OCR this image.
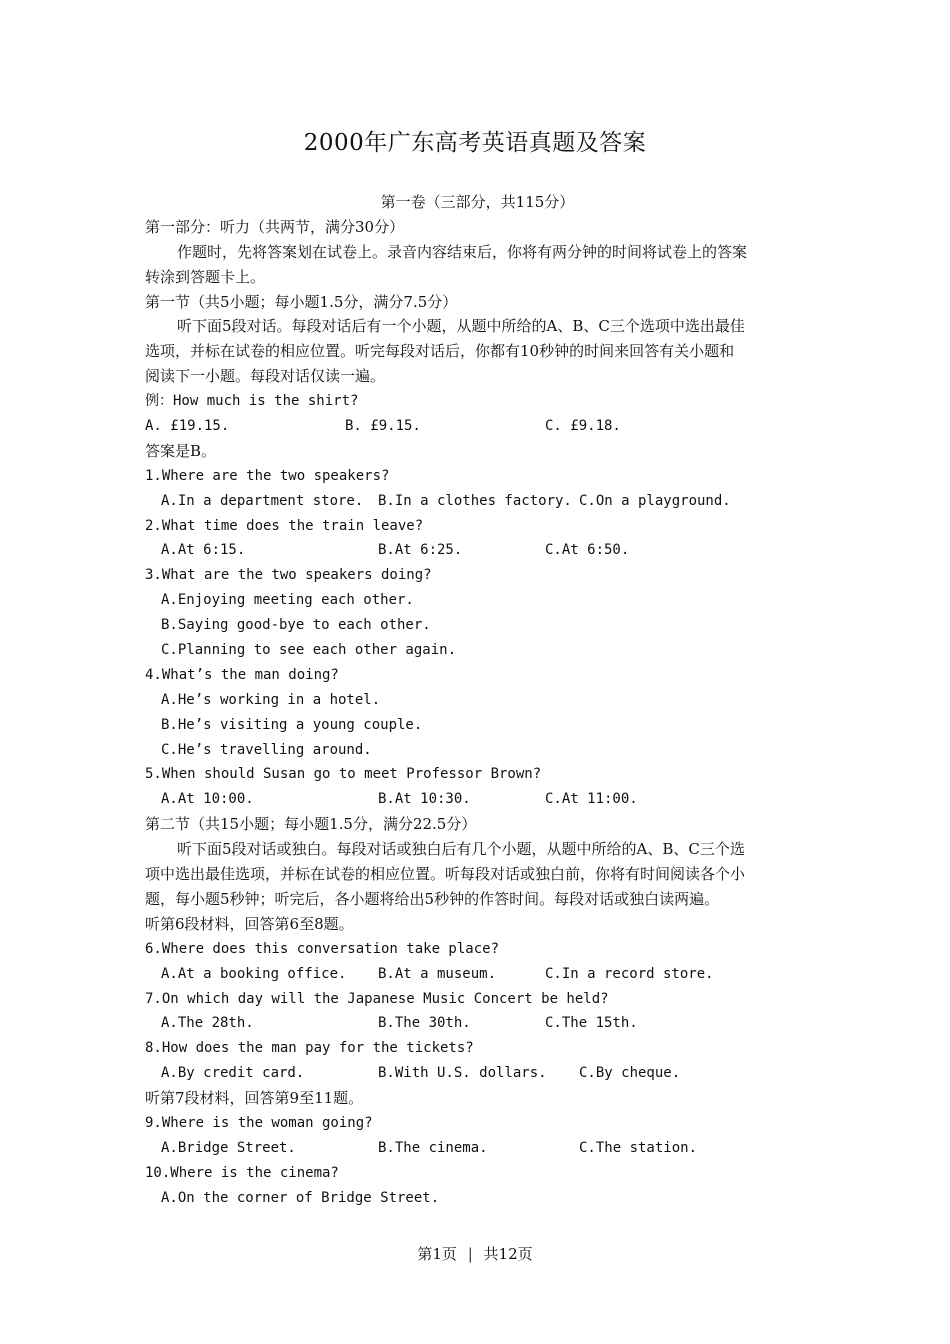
2000年广东高考英语真题及答案
第一卷（三部分，共115分）
第一部分：听力（共两节，满分30分）
作题时，先将答案划在试卷上。录音内容结束后，你将有两分钟的时间将试卷上的答案
转涂到答题卡上。
第一节（共5小题；每小题1.5分，满分7.5分）
听下面5段对话。每段对话后有一个小题，从题中所给的A、B、C三个选项中选出最佳
选项，并标在试卷的相应位置。听完每段对话后，你都有10秒钟的时间来回答有关小题和
阅读下一小题。每段对话仅读一遍。
例：How much is the shirt?
A. £19.15.	B. £9.15.	C. £9.18.
答案是B。
1.Where are the two speakers?
A.In a department store. B.In a clothes factory. C.On a playground.
2.What time does the train leave?
A.At 6:15.	B.At 6:25.	C.At 6:50.
3.What are the two speakers doing?
A.Enjoying meeting each other.
B.Saying good-bye to each other.
C.Planning to see each other again.
4.What’s the man doing?
A.He’s working in a hotel.
B.He’s visiting a young couple.
C.He’s travelling around.
5.When should Susan go to meet Professor Brown?
A.At 10:00.	B.At 10:30.	C.At 11:00.
第二节（共15小题；每小题1.5分，满分22.5分）
听下面5段对话或独白。每段对话或独白后有几个小题，从题中所给的A、B、C三个选
项中选出最佳选项，并标在试卷的相应位置。听每段对话或独白前，你将有时间阅读各个小
题，每小题5秒钟；听完后，各小题将给出5秒钟的作答时间。每段对话或独白读两遍。
听第6段材料，回答第6至8题。
6.Where does this conversation take place?
A.At a booking office. B.At a museum.	C.In a record store.
7.On which day will the Japanese Music Concert be held?
A.The 28th.	B.The 30th.	C.The 15th.
8.How does the man pay for the tickets?
A.By credit card.	B.With U.S. dollars. C.By cheque.
听第7段材料，回答第9至11题。
9.Where is the woman going?
A.Bridge Street.	B.The cinema.	C.The station.
10.Where is the cinema?
A.On the corner of Bridge Street.
第1页 | 共12页
